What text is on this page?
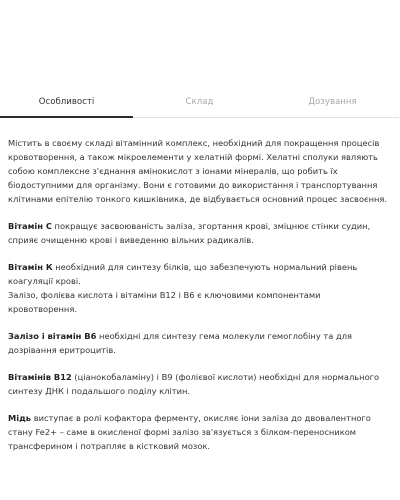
Особливості	Склад	Дозування

Містить в своєму складі вітамінний комплекс, необхідний для покращення процесів кровотворення, а також мікроелементи у хелатній формі. Хелатні сполуки являють собою комплексне з'єднання амінокислот з іонами мінералів, що робить їх біодоступними для організму. Вони є готовими до використання і транспортування клітинами епітелію тонкого кишківника, де відбувається основний процес засвоєння.

Вітамін С покращує засвоюваність заліза, згортання крові, зміцнює стінки судин, сприяє очищенню крові і виведенню вільних радикалів.

Вітамін К необхідний для синтезу білків, що забезпечують нормальний рівень коагуляції крові.
Залізо, фолієва кислота і вітаміни B12 і B6 є ключовими компонентами кровотворення.

Залізо і вітамін B6 необхідні для синтезу гема молекули гемоглобіну та для дозрівання еритроцитів.

Вітамінів B12 (ціанокобаламіну) і B9 (фолієвої кислоти) необхідні для нормального синтезу ДНК і подальшого поділу клітин.

Мідь виступає в ролі кофактора ферменту, окисляє іони заліза до двовалентного стану Fe2+ – саме в окисленої формі залізо зв'язується з білком-переносником трансферином і потрапляє в кістковий мозок.
